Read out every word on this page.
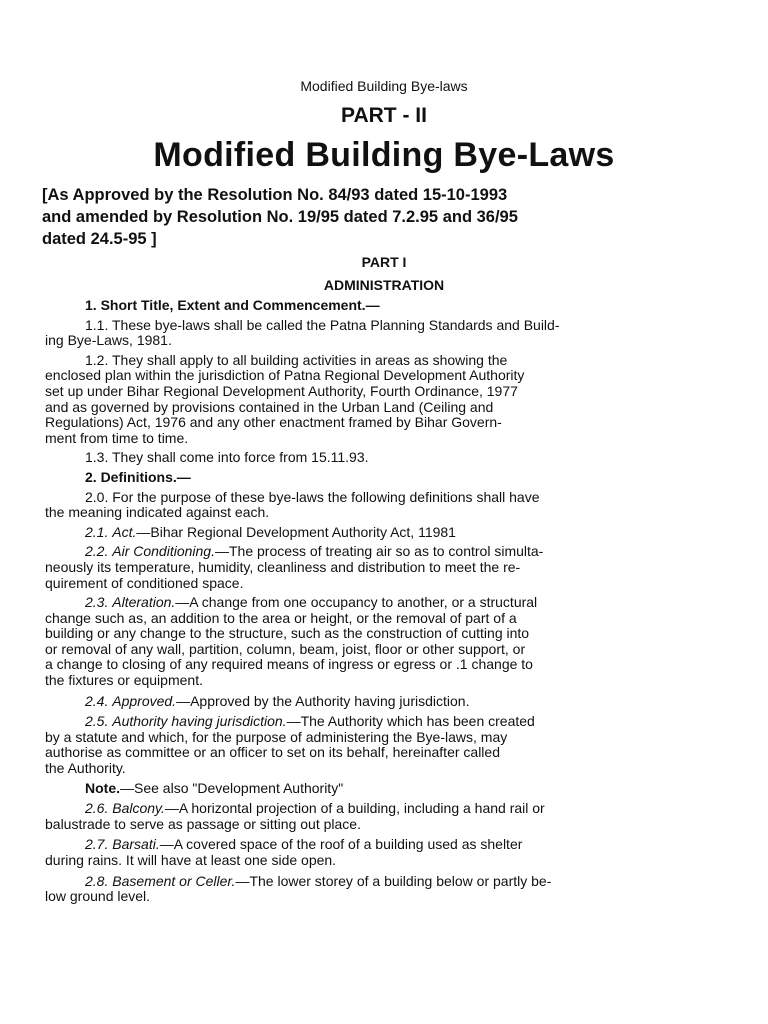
Modified Building Bye-laws
PART - II
Modified Building Bye-Laws
[As Approved by the Resolution No. 84/93 dated 15-10-1993
and amended by Resolution No. 19/95 dated 7.2.95 and 36/95
dated 24.5-95 ]
PART I
ADMINISTRATION
1. Short Title, Extent and Commencement.—
1.1. These bye-laws shall be called the Patna Planning Standards and Build-
ing Bye-Laws, 1981.
1.2. They shall apply to all building activities in areas as showing the
enclosed plan within the jurisdiction of Patna Regional Development Authority
set up under Bihar Regional Development Authority, Fourth Ordinance, 1977
and as governed by provisions contained in the Urban Land (Ceiling and
Regulations) Act, 1976 and any other enactment framed by Bihar Govern-
ment from time to time.
1.3. They shall come into force from 15.11.93.
2. Definitions.—
2.0. For the purpose of these bye-laws the following definitions shall have
the meaning indicated against each.
2.1. Act.—Bihar Regional Development Authority Act, 11981
2.2. Air Conditioning.—The process of treating air so as to control simulta-
neously its temperature, humidity, cleanliness and distribution to meet the re-
quirement of conditioned space.
2.3. Alteration.—A change from one occupancy to another, or a structural
change such as, an addition to the area or height, or the removal of part of a
building or any change to the structure, such as the construction of cutting into
or removal of any wall, partition, column, beam, joist, floor or other support, or
a change to closing of any required means of ingress or egress or .1 change to
the fixtures or equipment.
2.4. Approved.—Approved by the Authority having jurisdiction.
2.5. Authority having jurisdiction.—The Authority which has been created
by a statute and which, for the purpose of administering the Bye-laws, may
authorise as committee or an officer to set on its behalf, hereinafter called
the Authority.
Note.—See also "Development Authority"
2.6. Balcony.—A horizontal projection of a building, including a hand rail or
balustrade to serve as passage or sitting out place.
2.7. Barsati.—A covered space of the roof of a building used as shelter
during rains. It will have at least one side open.
2.8. Basement or Celler.—The lower storey of a building below or partly be-
low ground level.
